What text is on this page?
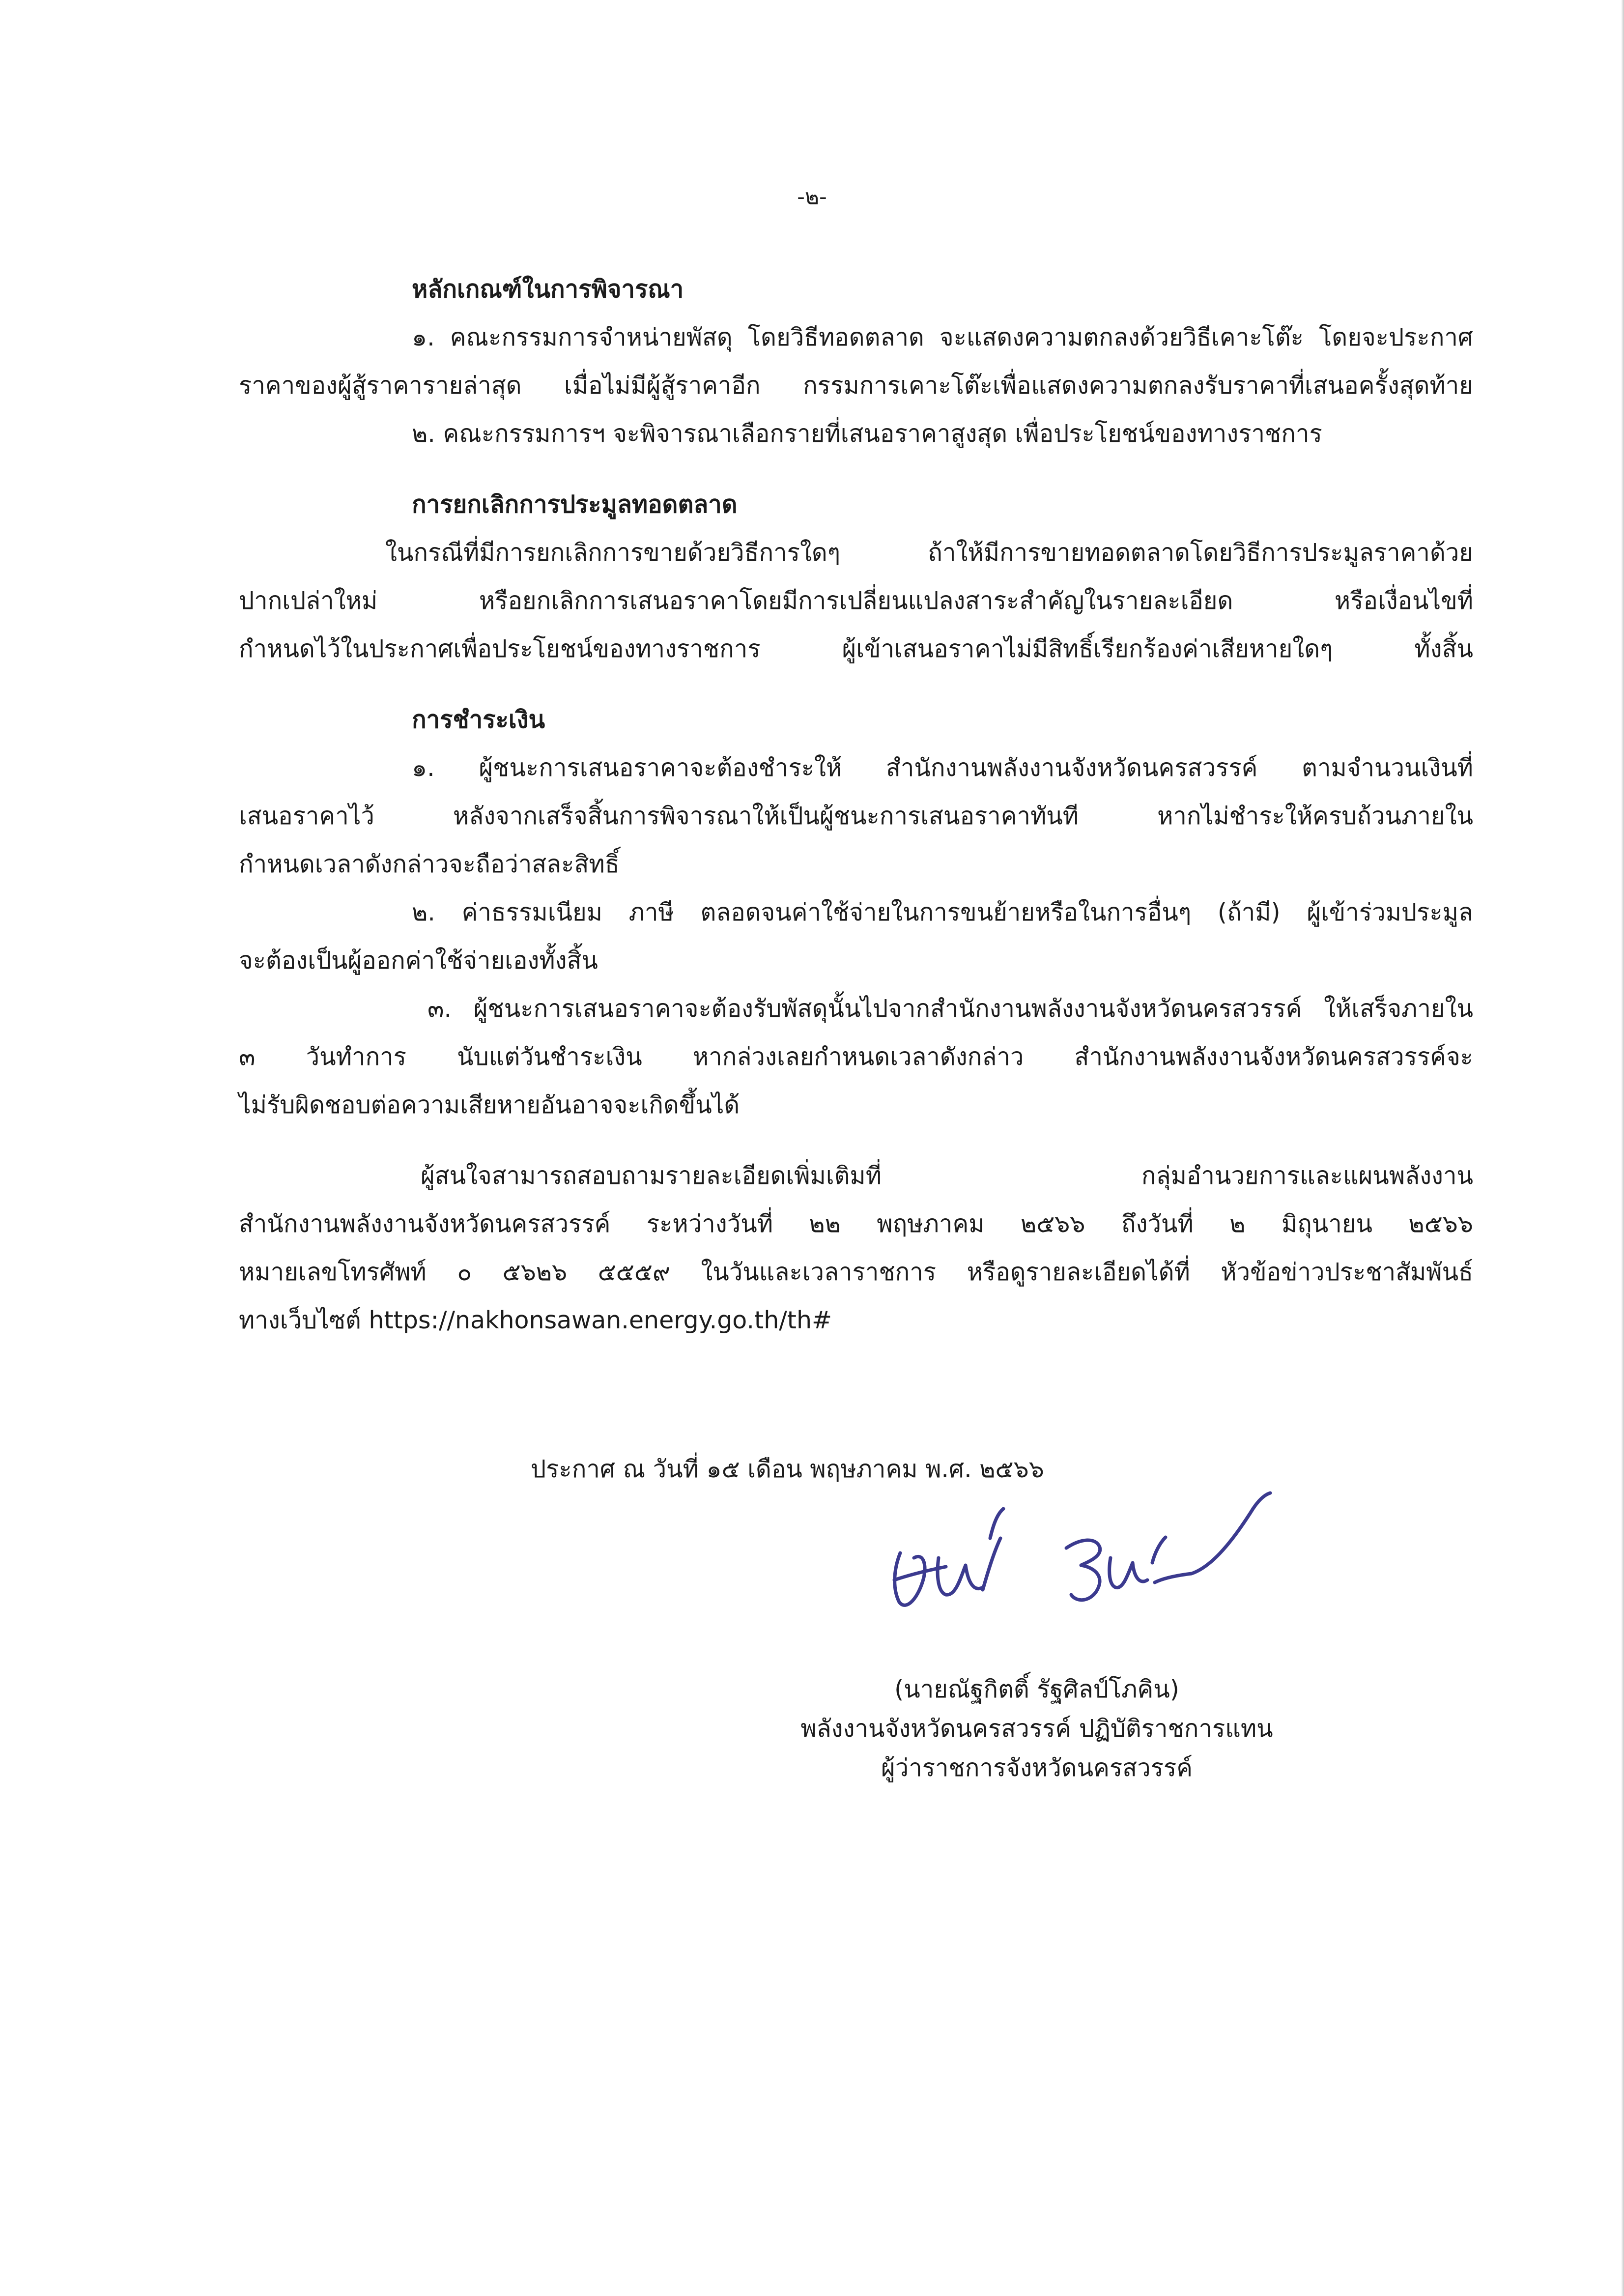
-๒-
หลักเกณฑ์ในการพิจารณา
๑. คณะกรรมการจำหน่ายพัสดุ โดยวิธีทอดตลาด จะแสดงความตกลงด้วยวิธีเคาะโต๊ะ โดยจะประกาศ
ราคาของผู้สู้ราคารายล่าสุด เมื่อไม่มีผู้สู้ราคาอีก กรรมการเคาะโต๊ะเพื่อแสดงความตกลงรับราคาที่เสนอครั้งสุดท้าย
๒. คณะกรรมการฯ จะพิจารณาเลือกรายที่เสนอราคาสูงสุด เพื่อประโยชน์ของทางราชการ
การยกเลิกการประมูลทอดตลาด
ในกรณีที่มีการยกเลิกการขายด้วยวิธีการใดๆ ถ้าให้มีการขายทอดตลาดโดยวิธีการประมูลราคาด้วย
ปากเปล่าใหม่ หรือยกเลิกการเสนอราคาโดยมีการเปลี่ยนแปลงสาระสำคัญในรายละเอียด หรือเงื่อนไขที่
กำหนดไว้ในประกาศเพื่อประโยชน์ของทางราชการ ผู้เข้าเสนอราคาไม่มีสิทธิ์เรียกร้องค่าเสียหายใดๆ ทั้งสิ้น
การชำระเงิน
๑. ผู้ชนะการเสนอราคาจะต้องชำระให้ สำนักงานพลังงานจังหวัดนครสวรรค์ ตามจำนวนเงินที่
เสนอราคาไว้ หลังจากเสร็จสิ้นการพิจารณาให้เป็นผู้ชนะการเสนอราคาทันที หากไม่ชำระให้ครบถ้วนภายใน
กำหนดเวลาดังกล่าวจะถือว่าสละสิทธิ์
๒. ค่าธรรมเนียม ภาษี ตลอดจนค่าใช้จ่ายในการขนย้ายหรือในการอื่นๆ (ถ้ามี) ผู้เข้าร่วมประมูล
จะต้องเป็นผู้ออกค่าใช้จ่ายเองทั้งสิ้น
๓. ผู้ชนะการเสนอราคาจะต้องรับพัสดุนั้นไปจากสำนักงานพลังงานจังหวัดนครสวรรค์ ให้เสร็จภายใน
๓ วันทำการ นับแต่วันชำระเงิน หากล่วงเลยกำหนดเวลาดังกล่าว สำนักงานพลังงานจังหวัดนครสวรรค์จะ
ไม่รับผิดชอบต่อความเสียหายอันอาจจะเกิดขึ้นได้
ผู้สนใจสามารถสอบถามรายละเอียดเพิ่มเติมที่ กลุ่มอำนวยการและแผนพลังงาน
สำนักงานพลังงานจังหวัดนครสวรรค์ ระหว่างวันที่ ๒๒ พฤษภาคม ๒๕๖๖ ถึงวันที่ ๒ มิถุนายน ๒๕๖๖
หมายเลขโทรศัพท์ ๐ ๕๖๒๖ ๕๕๕๙ ในวันและเวลาราชการ หรือดูรายละเอียดได้ที่ หัวข้อข่าวประชาสัมพันธ์
ทางเว็บไซต์ https://nakhonsawan.energy.go.th/th#
ประกาศ ณ วันที่ ๑๕ เดือน พฤษภาคม พ.ศ. ๒๕๖๖
(นายณัฐกิตติ์ รัฐศิลป์โภคิน)
พลังงานจังหวัดนครสวรรค์ ปฏิบัติราชการแทน
ผู้ว่าราชการจังหวัดนครสวรรค์
